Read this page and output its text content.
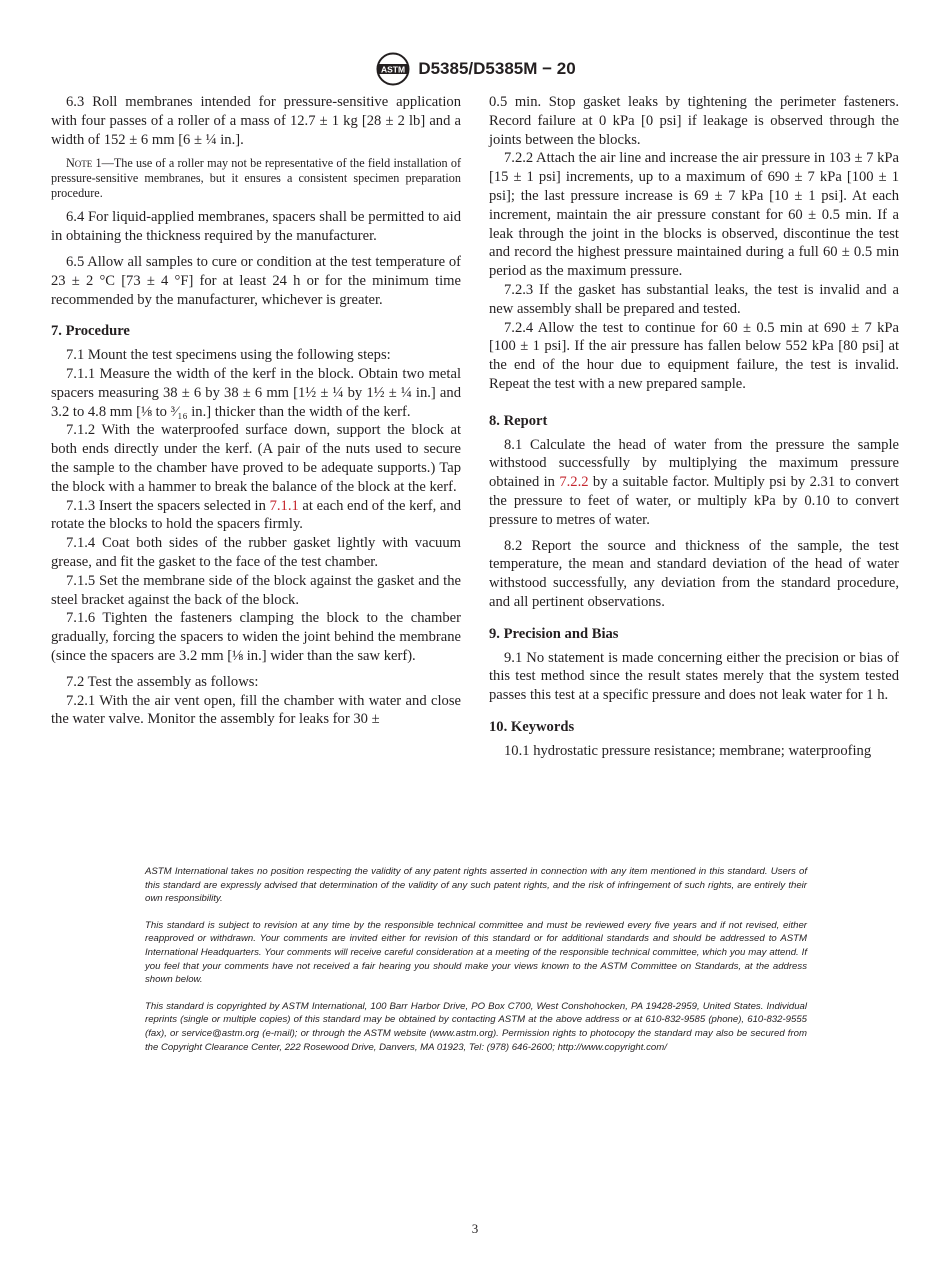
ASTM D5385/D5385M − 20

6.3 Roll membranes intended for pressure-sensitive application with four passes of a roller of a mass of 12.7 ± 1 kg [28 ± 2 lb] and a width of 152 ± 6 mm [6 ± ¼ in.].

Note 1—The use of a roller may not be representative of the field installation of pressure-sensitive membranes, but it ensures a consistent specimen preparation procedure.

6.4 For liquid-applied membranes, spacers shall be permitted to aid in obtaining the thickness required by the manufacturer.

6.5 Allow all samples to cure or condition at the test temperature of 23 ± 2 °C [73 ± 4 °F] for at least 24 h or for the minimum time recommended by the manufacturer, whichever is greater.

7. Procedure

7.1 Mount the test specimens using the following steps:

7.1.1 Measure the width of the kerf in the block. Obtain two metal spacers measuring 38 ± 6 by 38 ± 6 mm [1½ ± ¼ by 1½ ± ¼ in.] and 3.2 to 4.8 mm [⅛ to ³⁄₁₆ in.] thicker than the width of the kerf.

7.1.2 With the waterproofed surface down, support the block at both ends directly under the kerf. (A pair of the nuts used to secure the sample to the chamber have proved to be adequate supports.) Tap the block with a hammer to break the balance of the block at the kerf.

7.1.3 Insert the spacers selected in 7.1.1 at each end of the kerf, and rotate the blocks to hold the spacers firmly.

7.1.4 Coat both sides of the rubber gasket lightly with vacuum grease, and fit the gasket to the face of the test chamber.

7.1.5 Set the membrane side of the block against the gasket and the steel bracket against the back of the block.

7.1.6 Tighten the fasteners clamping the block to the chamber gradually, forcing the spacers to widen the joint behind the membrane (since the spacers are 3.2 mm [⅛ in.] wider than the saw kerf).

7.2 Test the assembly as follows:

7.2.1 With the air vent open, fill the chamber with water and close the water valve. Monitor the assembly for leaks for 30 ±

0.5 min. Stop gasket leaks by tightening the perimeter fasteners. Record failure at 0 kPa [0 psi] if leakage is observed through the joints between the blocks.

7.2.2 Attach the air line and increase the air pressure in 103 ± 7 kPa [15 ± 1 psi] increments, up to a maximum of 690 ± 7 kPa [100 ± 1 psi]; the last pressure increase is 69 ± 7 kPa [10 ± 1 psi]. At each increment, maintain the air pressure constant for 60 ± 0.5 min. If a leak through the joint in the blocks is observed, discontinue the test and record the highest pressure maintained during a full 60 ± 0.5 min period as the maximum pressure.

7.2.3 If the gasket has substantial leaks, the test is invalid and a new assembly shall be prepared and tested.

7.2.4 Allow the test to continue for 60 ± 0.5 min at 690 ± 7 kPa [100 ± 1 psi]. If the air pressure has fallen below 552 kPa [80 psi] at the end of the hour due to equipment failure, the test is invalid. Repeat the test with a new prepared sample.

8. Report

8.1 Calculate the head of water from the pressure the sample withstood successfully by multiplying the maximum pressure obtained in 7.2.2 by a suitable factor. Multiply psi by 2.31 to convert the pressure to feet of water, or multiply kPa by 0.10 to convert pressure to metres of water.

8.2 Report the source and thickness of the sample, the test temperature, the mean and standard deviation of the head of water withstood successfully, any deviation from the standard procedure, and all pertinent observations.

9. Precision and Bias

9.1 No statement is made concerning either the precision or bias of this test method since the result states merely that the system tested passes this test at a specific pressure and does not leak water for 1 h.

10. Keywords

10.1 hydrostatic pressure resistance; membrane; waterproofing

ASTM International takes no position respecting the validity of any patent rights asserted in connection with any item mentioned in this standard. Users of this standard are expressly advised that determination of the validity of any such patent rights, and the risk of infringement of such rights, are entirely their own responsibility.

This standard is subject to revision at any time by the responsible technical committee and must be reviewed every five years and if not revised, either reapproved or withdrawn. Your comments are invited either for revision of this standard or for additional standards and should be addressed to ASTM International Headquarters. Your comments will receive careful consideration at a meeting of the responsible technical committee, which you may attend. If you feel that your comments have not received a fair hearing you should make your views known to the ASTM Committee on Standards, at the address shown below.

This standard is copyrighted by ASTM International, 100 Barr Harbor Drive, PO Box C700, West Conshohocken, PA 19428-2959, United States. Individual reprints (single or multiple copies) of this standard may be obtained by contacting ASTM at the above address or at 610-832-9585 (phone), 610-832-9555 (fax), or service@astm.org (e-mail); or through the ASTM website (www.astm.org). Permission rights to photocopy the standard may also be secured from the Copyright Clearance Center, 222 Rosewood Drive, Danvers, MA 01923, Tel: (978) 646-2600; http://www.copyright.com/

3
